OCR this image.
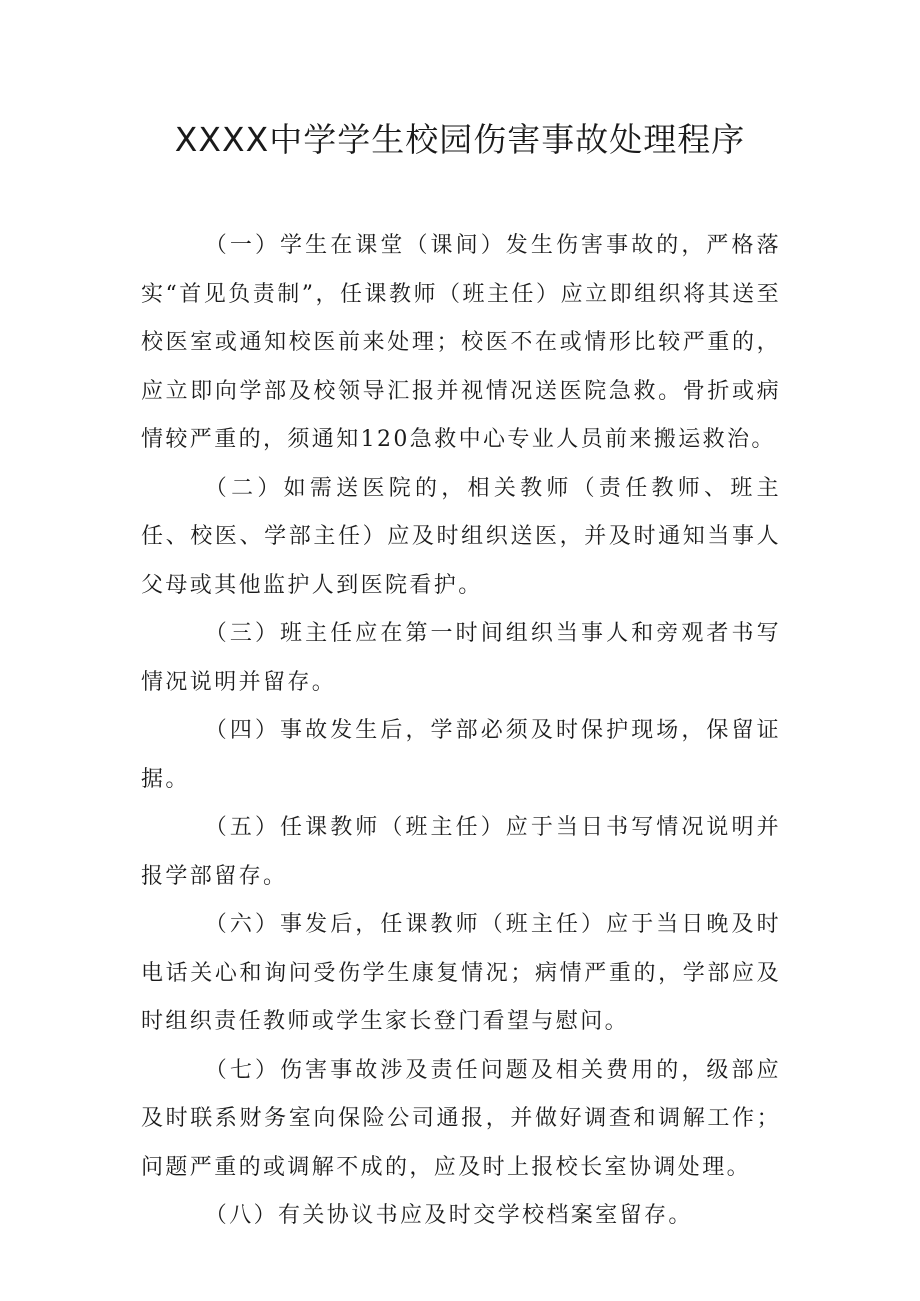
XXXX中学学生校园伤害事故处理程序

（一）学生在课堂（课间）发生伤害事故的，严格落实“首见负责制”，任课教师（班主任）应立即组织将其送至校医室或通知校医前来处理；校医不在或情形比较严重的，应立即向学部及校领导汇报并视情况送医院急救。骨折或病情较严重的，须通知120急救中心专业人员前来搬运救治。

（二）如需送医院的，相关教师（责任教师、班主任、校医、学部主任）应及时组织送医，并及时通知当事人父母或其他监护人到医院看护。

（三）班主任应在第一时间组织当事人和旁观者书写情况说明并留存。

（四）事故发生后，学部必须及时保护现场，保留证据。

（五）任课教师（班主任）应于当日书写情况说明并报学部留存。

（六）事发后，任课教师（班主任）应于当日晚及时电话关心和询问受伤学生康复情况；病情严重的，学部应及时组织责任教师或学生家长登门看望与慰问。

（七）伤害事故涉及责任问题及相关费用的，级部应及时联系财务室向保险公司通报，并做好调查和调解工作；问题严重的或调解不成的，应及时上报校长室协调处理。

（八）有关协议书应及时交学校档案室留存。
